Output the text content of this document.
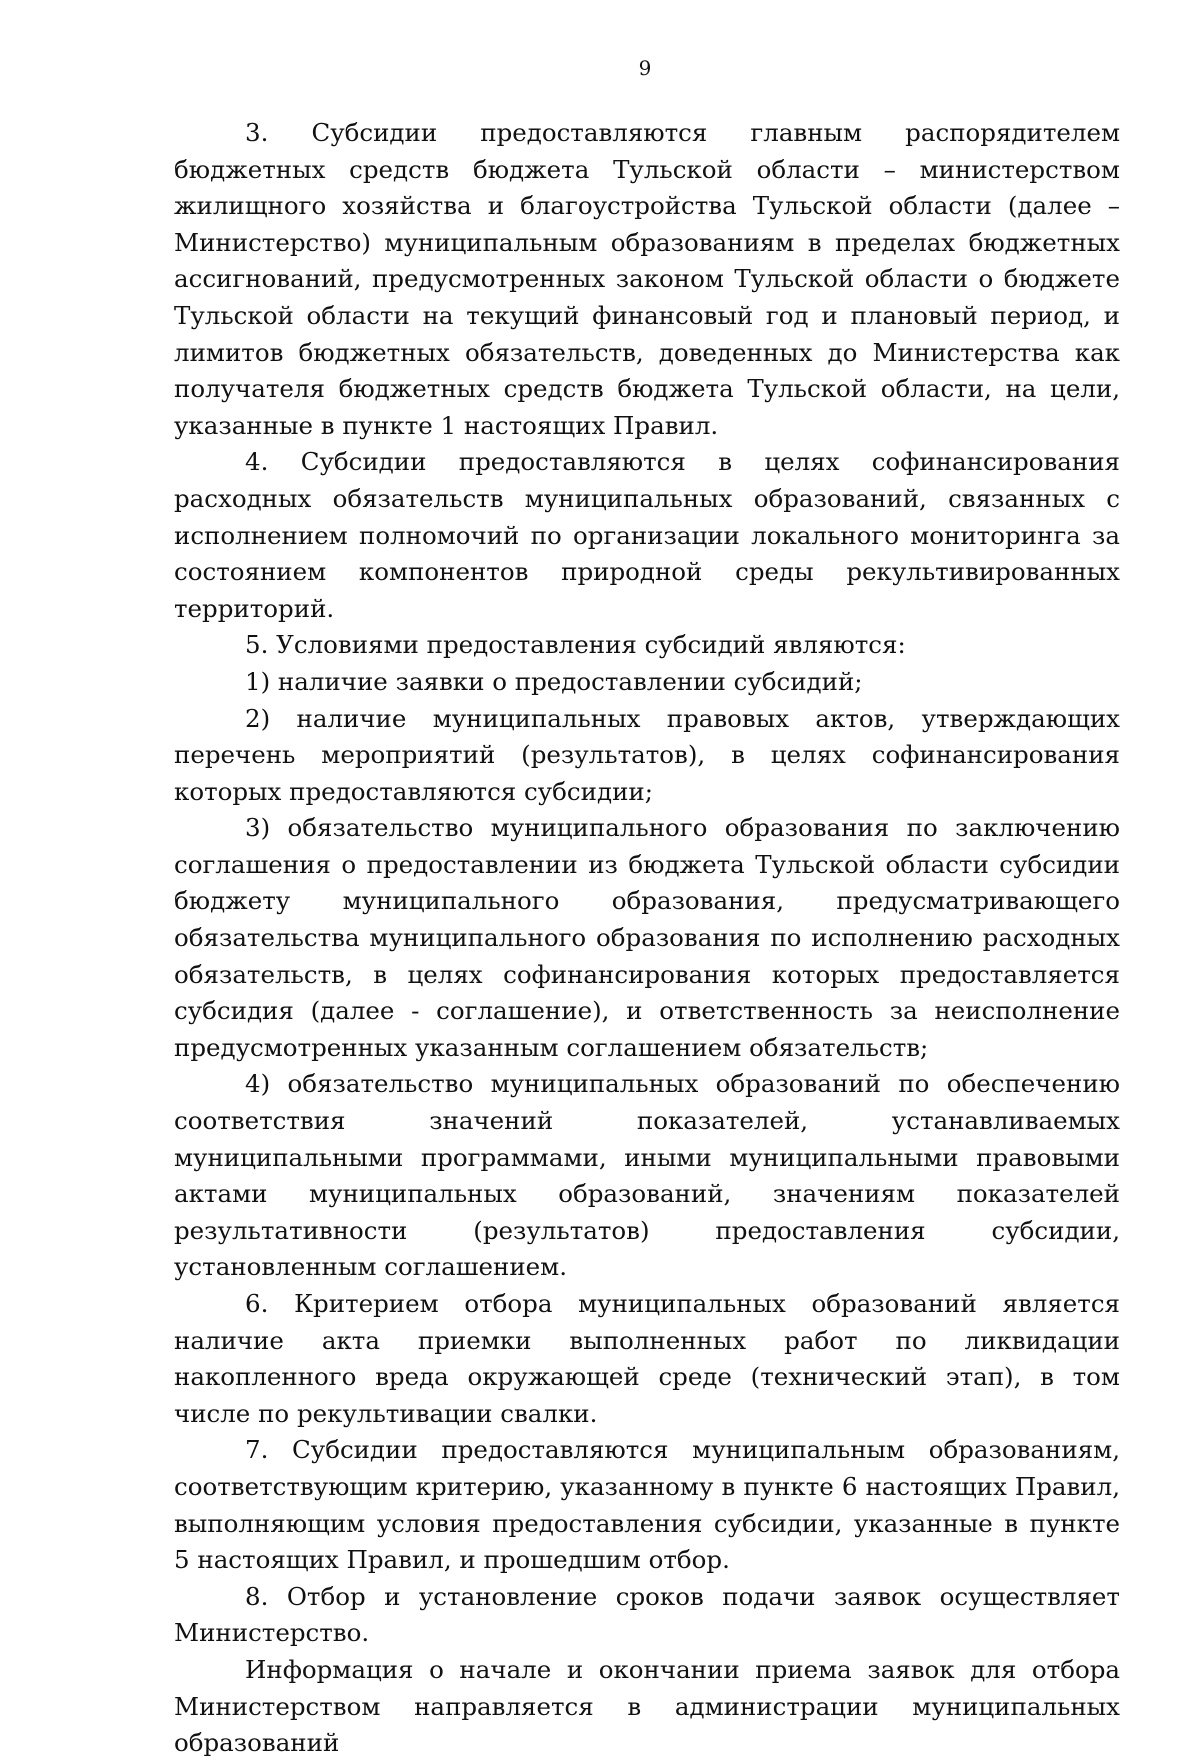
9

3. Субсидии предоставляются главным распорядителем бюджетных средств бюджета Тульской области – министерством жилищного хозяйства и благоустройства Тульской области (далее – Министерство) муниципальным образованиям в пределах бюджетных ассигнований, предусмотренных законом Тульской области о бюджете Тульской области на текущий финансовый год и плановый период, и лимитов бюджетных обязательств, доведенных до Министерства как получателя бюджетных средств бюджета Тульской области, на цели, указанные в пункте 1 настоящих Правил.

4. Субсидии предоставляются в целях софинансирования расходных обязательств муниципальных образований, связанных с исполнением полномочий по организации локального мониторинга за состоянием компонентов природной среды рекультивированных территорий.

5. Условиями предоставления субсидий являются:

1) наличие заявки о предоставлении субсидий;

2) наличие муниципальных правовых актов, утверждающих перечень мероприятий (результатов), в целях софинансирования которых предоставляются субсидии;

3) обязательство муниципального образования по заключению соглашения о предоставлении из бюджета Тульской области субсидии бюджету муниципального образования, предусматривающего обязательства муниципального образования по исполнению расходных обязательств, в целях софинансирования которых предоставляется субсидия (далее - соглашение), и ответственность за неисполнение предусмотренных указанным соглашением обязательств;

4) обязательство муниципальных образований по обеспечению соответствия значений показателей, устанавливаемых муниципальными программами, иными муниципальными правовыми актами муниципальных образований, значениям показателей результативности (результатов) предоставления субсидии, установленным соглашением.

6. Критерием отбора муниципальных образований является наличие акта приемки выполненных работ по ликвидации накопленного вреда окружающей среде (технический этап), в том числе по рекультивации свалки.

7. Субсидии предоставляются муниципальным образованиям, соответствующим критерию, указанному в пункте 6 настоящих Правил, выполняющим условия предоставления субсидии, указанные в пункте 5 настоящих Правил, и прошедшим отбор.

8. Отбор и установление сроков подачи заявок осуществляет Министерство.

Информация о начале и окончании приема заявок для отбора Министерством направляется в администрации муниципальных образований
